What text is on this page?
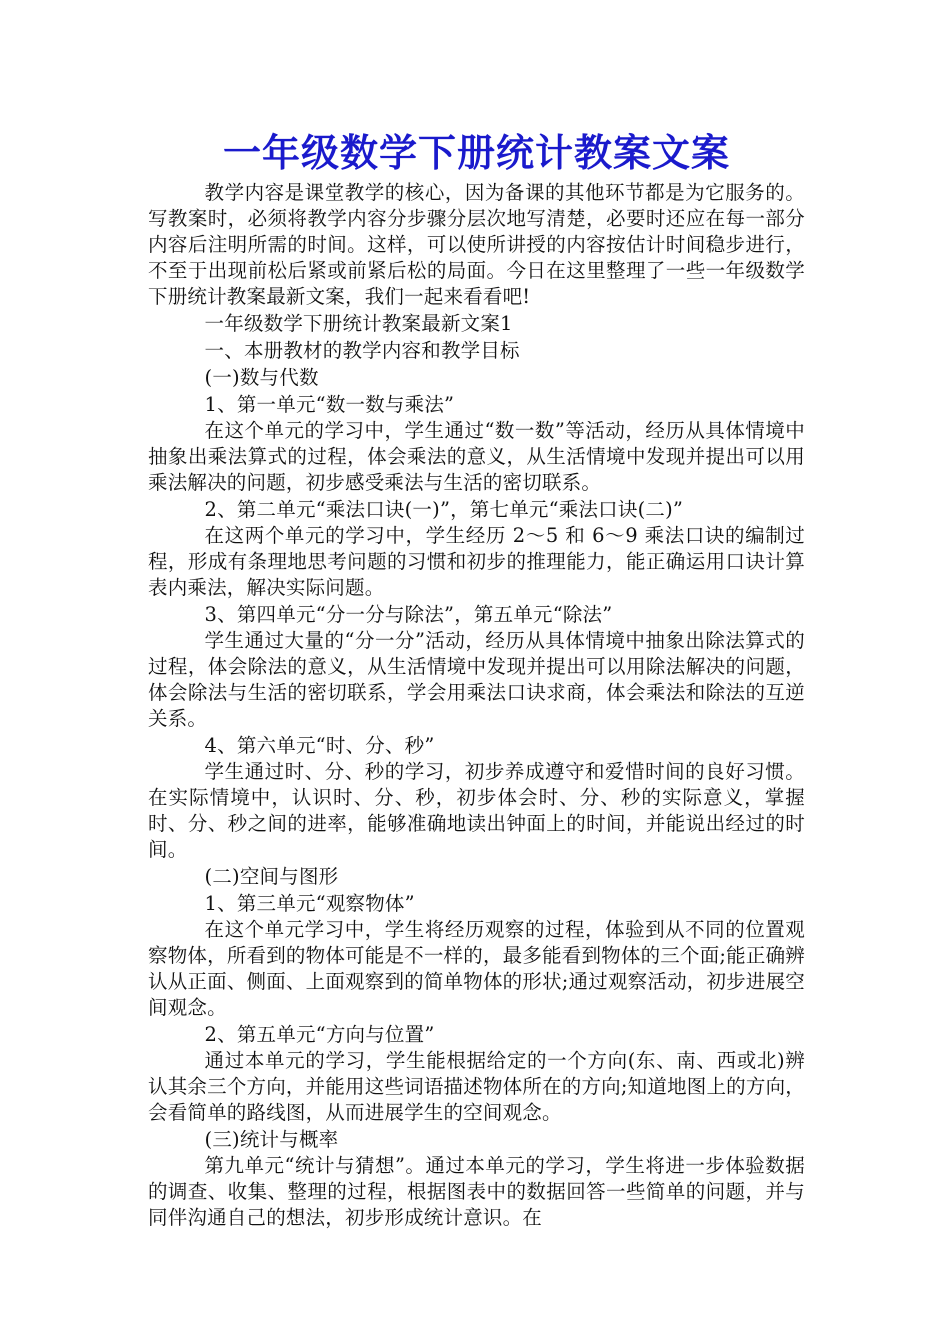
一年级数学下册统计教案文案

教学内容是课堂教学的核心，因为备课的其他环节都是为它服务的。写教案时，必须将教学内容分步骤分层次地写清楚，必要时还应在每一部分内容后注明所需的时间。这样，可以使所讲授的内容按估计时间稳步进行，不至于出现前松后紧或前紧后松的局面。今日在这里整理了一些一年级数学下册统计教案最新文案，我们一起来看看吧!

一年级数学下册统计教案最新文案1

一、本册教材的教学内容和教学目标

(一)数与代数

1、第一单元“数一数与乘法”

在这个单元的学习中，学生通过“数一数”等活动，经历从具体情境中抽象出乘法算式的过程，体会乘法的意义，从生活情境中发现并提出可以用乘法解决的问题，初步感受乘法与生活的密切联系。

2、第二单元“乘法口诀(一)”，第七单元“乘法口诀(二)”

在这两个单元的学习中，学生经历 2～5 和 6～9 乘法口诀的编制过程，形成有条理地思考问题的习惯和初步的推理能力，能正确运用口诀计算表内乘法，解决实际问题。

3、第四单元“分一分与除法”，第五单元“除法”

学生通过大量的“分一分”活动，经历从具体情境中抽象出除法算式的过程，体会除法的意义，从生活情境中发现并提出可以用除法解决的问题，体会除法与生活的密切联系，学会用乘法口诀求商，体会乘法和除法的互逆关系。

4、第六单元“时、分、秒”

学生通过时、分、秒的学习，初步养成遵守和爱惜时间的良好习惯。在实际情境中，认识时、分、秒，初步体会时、分、秒的实际意义，掌握时、分、秒之间的进率，能够准确地读出钟面上的时间，并能说出经过的时间。

(二)空间与图形

1、第三单元“观察物体”

在这个单元学习中，学生将经历观察的过程，体验到从不同的位置观察物体，所看到的物体可能是不一样的，最多能看到物体的三个面;能正确辨认从正面、侧面、上面观察到的简单物体的形状;通过观察活动，初步进展空间观念。

2、第五单元“方向与位置”

通过本单元的学习，学生能根据给定的一个方向(东、南、西或北)辨认其余三个方向，并能用这些词语描述物体所在的方向;知道地图上的方向，会看简单的路线图，从而进展学生的空间观念。

(三)统计与概率

第九单元“统计与猜想”。通过本单元的学习，学生将进一步体验数据的调查、收集、整理的过程，根据图表中的数据回答一些简单的问题，并与同伴沟通自己的想法，初步形成统计意识。在
